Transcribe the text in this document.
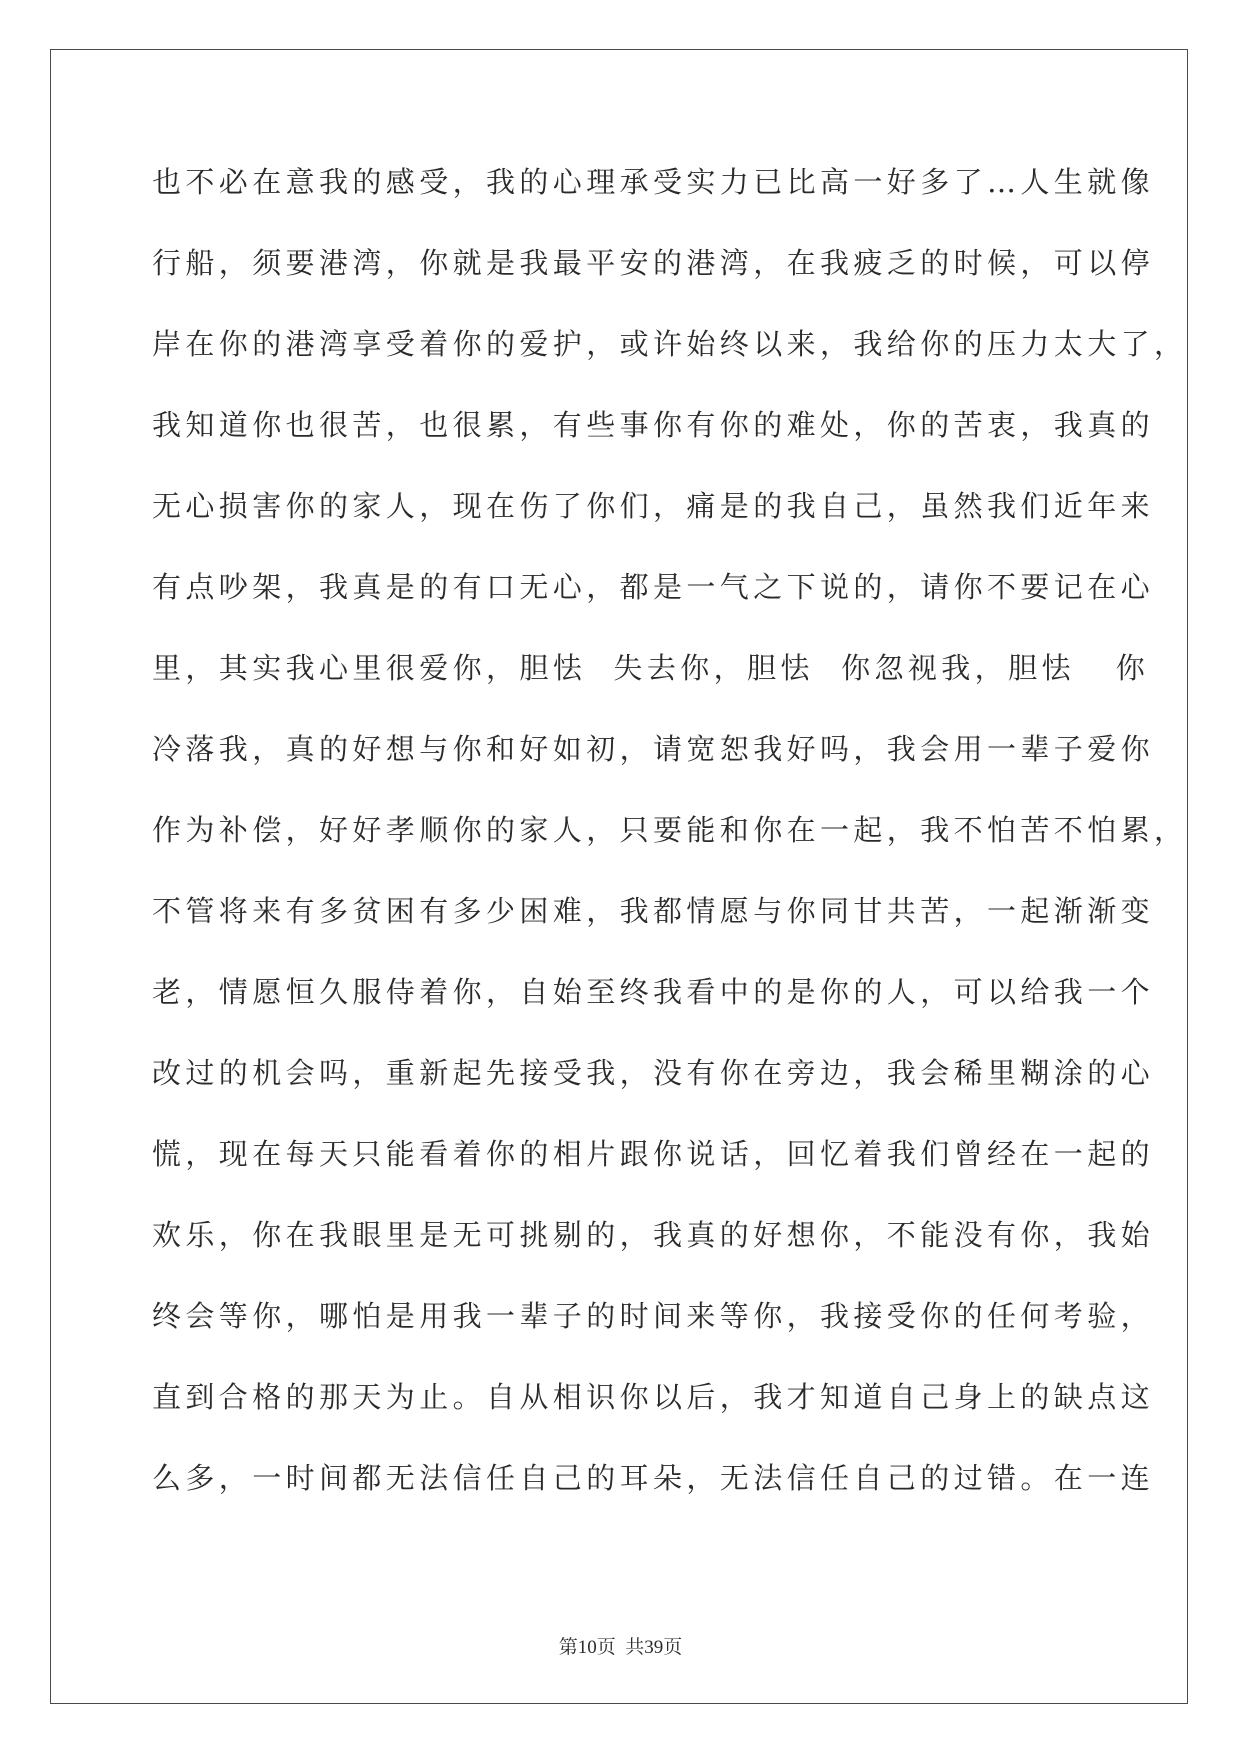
也不必在意我的感受，我的心理承受实力已比高一好多了…人生就像
行船，须要港湾，你就是我最平安的港湾，在我疲乏的时候，可以停
岸在你的港湾享受着你的爱护，或许始终以来，我给你的压力太大了，
我知道你也很苦，也很累，有些事你有你的难处，你的苦衷，我真的
无心损害你的家人，现在伤了你们，痛是的我自己，虽然我们近年来
有点吵架，我真是的有口无心，都是一气之下说的，请你不要记在心
里，其实我心里很爱你，胆怯  失去你，胆怯  你忽视我，胆怯   你
冷落我，真的好想与你和好如初，请宽恕我好吗，我会用一辈子爱你
作为补偿，好好孝顺你的家人，只要能和你在一起，我不怕苦不怕累，
不管将来有多贫困有多少困难，我都情愿与你同甘共苦，一起渐渐变
老，情愿恒久服侍着你，自始至终我看中的是你的人，可以给我一个
改过的机会吗，重新起先接受我，没有你在旁边，我会稀里糊涂的心
慌，现在每天只能看着你的相片跟你说话，回忆着我们曾经在一起的
欢乐，你在我眼里是无可挑剔的，我真的好想你，不能没有你，我始
终会等你，哪怕是用我一辈子的时间来等你，我接受你的任何考验，
直到合格的那天为止。自从相识你以后，我才知道自己身上的缺点这
么多，一时间都无法信任自己的耳朵，无法信任自己的过错。在一连
第10页  共39页
